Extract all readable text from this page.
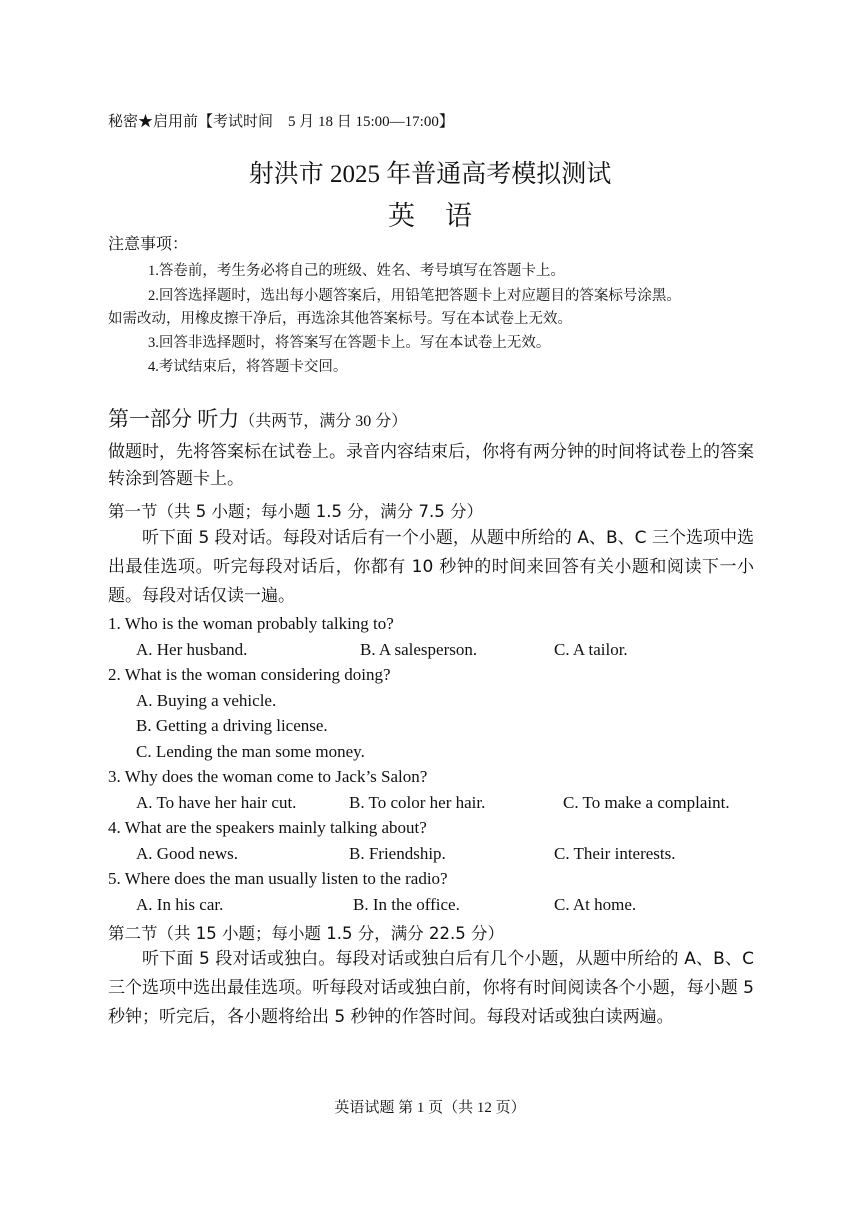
秘密★启用前【考试时间　5 月 18 日 15:00—17:00】
射洪市 2025 年普通高考模拟测试
英语
注意事项：
1.答卷前，考生务必将自己的班级、姓名、考号填写在答题卡上。
2.回答选择题时，选出每小题答案后，用铅笔把答题卡上对应题目的答案标号涂黑。
如需改动，用橡皮擦干净后，再选涂其他答案标号。写在本试卷上无效。
3.回答非选择题时，将答案写在答题卡上。写在本试卷上无效。
4.考试结束后，将答题卡交回。
第一部分 听力（共两节，满分 30 分）
做题时，先将答案标在试卷上。录音内容结束后，你将有两分钟的时间将试卷上的答案转涂到答题卡上。
第一节（共 5 小题；每小题 1.5 分，满分 7.5 分）
听下面 5 段对话。每段对话后有一个小题，从题中所给的 A、B、C 三个选项中选出最佳选项。听完每段对话后，你都有 10 秒钟的时间来回答有关小题和阅读下一小题。每段对话仅读一遍。
1. Who is the woman probably talking to?
A. Her husband.	B. A salesperson.	C. A tailor.
2. What is the woman considering doing?
A. Buying a vehicle.
B. Getting a driving license.
C. Lending the man some money.
3. Why does the woman come to Jack’s Salon?
A. To have her hair cut.	B. To color her hair.	C. To make a complaint.
4. What are the speakers mainly talking about?
A. Good news.	B. Friendship.	C. Their interests.
5. Where does the man usually listen to the radio?
A. In his car.	B. In the office.	C. At home.
第二节（共 15 小题；每小题 1.5 分，满分 22.5 分）
听下面 5 段对话或独白。每段对话或独白后有几个小题，从题中所给的 A、B、C三个选项中选出最佳选项。听每段对话或独白前，你将有时间阅读各个小题，每小题 5 秒钟；听完后，各小题将给出 5 秒钟的作答时间。每段对话或独白读两遍。
英语试题 第 1 页（共 12 页）
